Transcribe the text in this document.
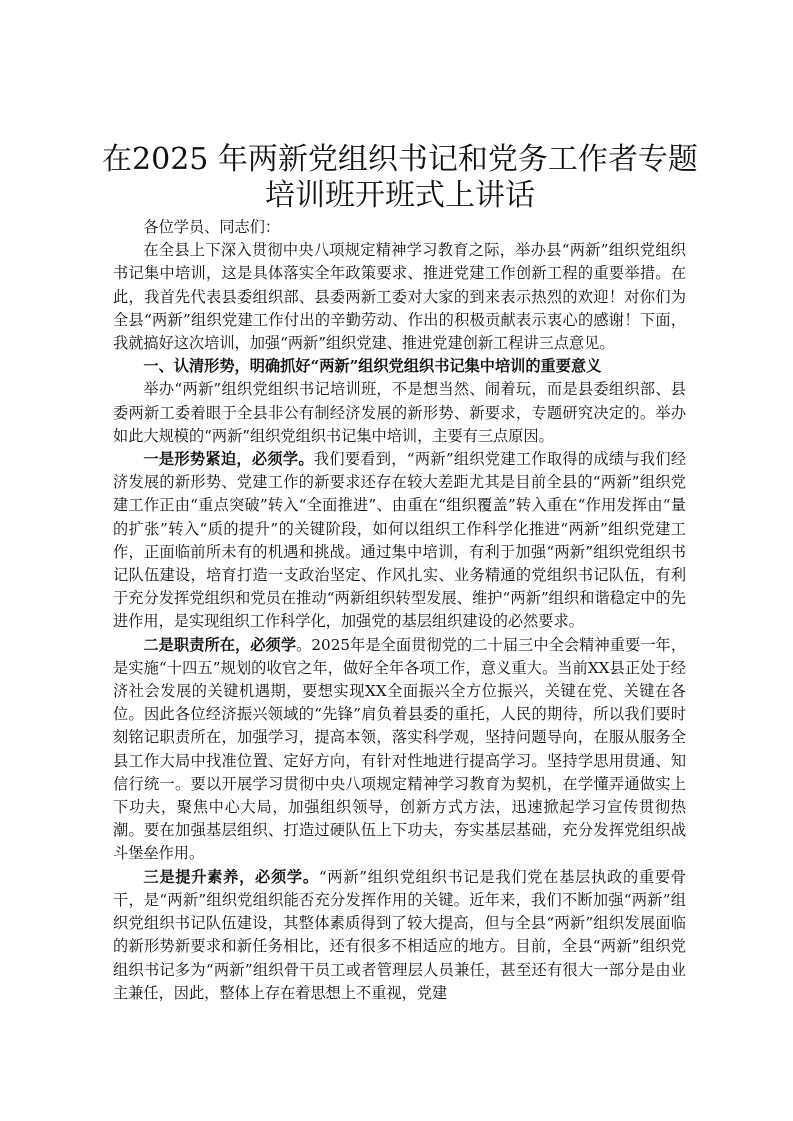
在2025 年两新党组织书记和党务工作者专题
培训班开班式上讲话

各位学员、同志们：

在全县上下深入贯彻中央八项规定精神学习教育之际，举办县“两新”组织党组织书记集中培训，这是具体落实全年政策要求、推进党建工作创新工程的重要举措。在此，我首先代表县委组织部、县委两新工委对大家的到来表示热烈的欢迎！对你们为全县“两新”组织党建工作付出的辛勤劳动、作出的积极贡献表示衷心的感谢！下面，我就搞好这次培训，加强“两新”组织党建、推进党建创新工程讲三点意见。

一、认清形势，明确抓好“两新”组织党组织书记集中培训的重要意义

举办“两新”组织党组织书记培训班，不是想当然、闹着玩，而是县委组织部、县委两新工委着眼于全县非公有制经济发展的新形势、新要求，专题研究决定的。举办如此大规模的“两新”组织党组织书记集中培训，主要有三点原因。

一是形势紧迫，必须学。我们要看到，“两新”组织党建工作取得的成绩与我们经济发展的新形势、党建工作的新要求还存在较大差距尤其是目前全县的“两新”组织党建工作正由“重点突破”转入“全面推进”、由重在“组织覆盖”转入重在“作用发挥由“量的扩张”转入“质的提升”的关键阶段，如何以组织工作科学化推进“两新”组织党建工作，正面临前所未有的机遇和挑战。通过集中培训，有利于加强“两新”组织党组织书记队伍建设，培育打造一支政治坚定、作风扎实、业务精通的党组织书记队伍，有利于充分发挥党组织和党员在推动“两新组织转型发展、维护“两新”组织和谐稳定中的先进作用，是实现组织工作科学化，加强党的基层组织建设的必然要求。

二是职责所在，必须学。2025年是全面贯彻党的二十届三中全会精神重要一年，是实施“十四五”规划的收官之年，做好全年各项工作，意义重大。当前XX县正处于经济社会发展的关键机遇期，要想实现XX全面振兴全方位振兴，关键在党、关键在各位。因此各位经济振兴领域的“先锋”肩负着县委的重托，人民的期待，所以我们要时刻铭记职责所在，加强学习，提高本领，落实科学观，坚持问题导向，在服从服务全县工作大局中找准位置、定好方向，有针对性地进行提高学习。坚持学思用贯通、知信行统一。要以开展学习贯彻中央八项规定精神学习教育为契机，在学懂弄通做实上下功夫，聚焦中心大局，加强组织领导，创新方式方法，迅速掀起学习宣传贯彻热潮。要在加强基层组织、打造过硬队伍上下功夫，夯实基层基础，充分发挥党组织战斗堡垒作用。

三是提升素养，必须学。“两新”组织党组织书记是我们党在基层执政的重要骨干，是“两新”组织党组织能否充分发挥作用的关键。近年来，我们不断加强“两新”组织党组织书记队伍建设，其整体素质得到了较大提高，但与全县“两新”组织发展面临的新形势新要求和新任务相比，还有很多不相适应的地方。目前，全县“两新”组织党组织书记多为“两新”组织骨干员工或者管理层人员兼任，甚至还有很大一部分是由业主兼任，因此，整体上存在着思想上不重视，党建
